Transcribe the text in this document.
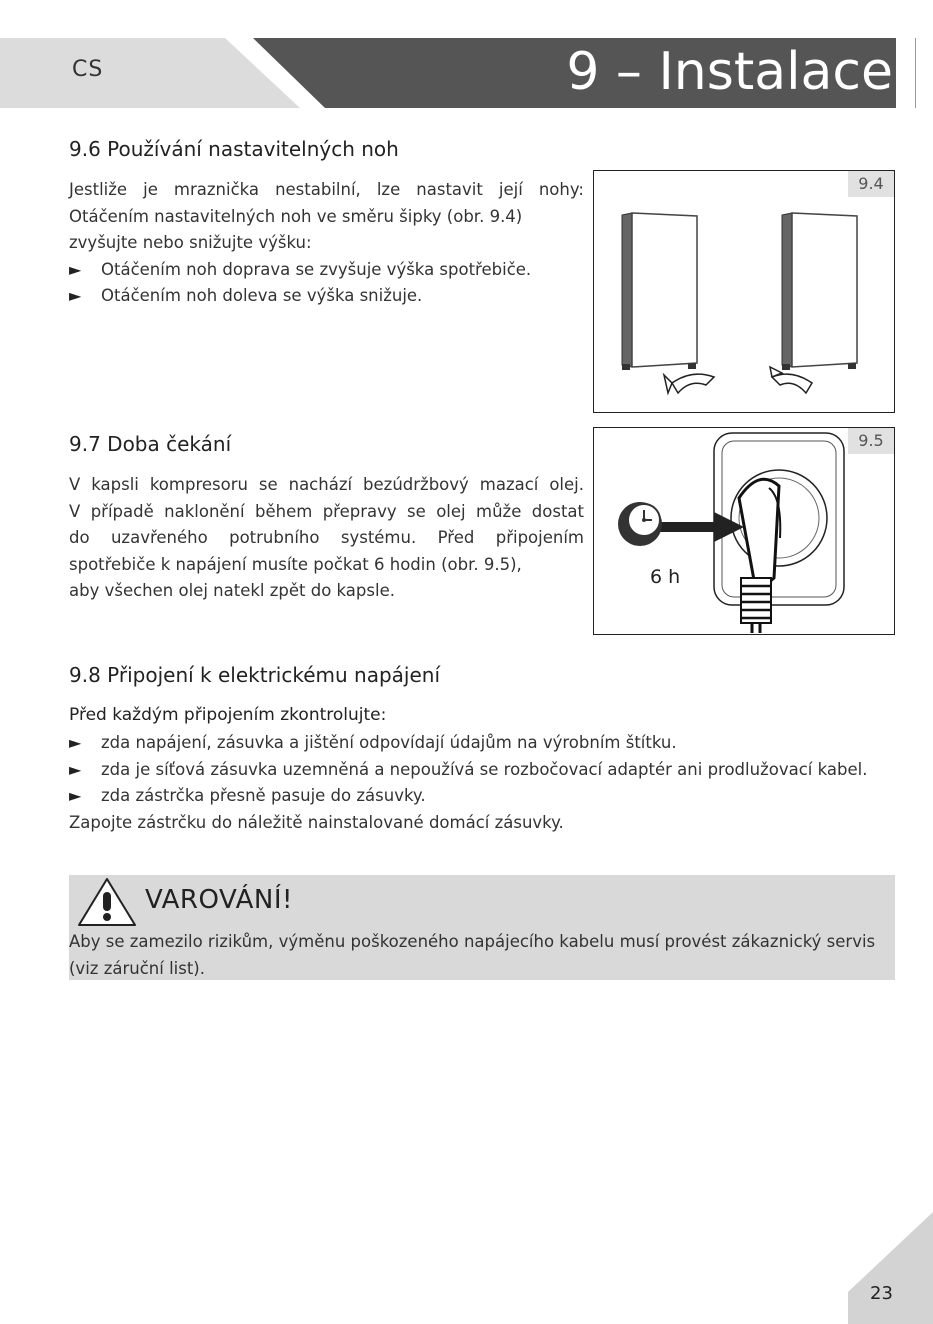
CS	9 – Instalace
9.6 Používání nastavitelných noh

Jestliže je mraznička nestabilní, lze nastavit její nohy:

Otáčením nastavitelných noh ve směru šipky (obr. 9.4)

zvyšujte nebo snižujte výšku:

► Otáčením noh doprava se zvyšuje výška spotřebiče.

► Otáčením noh doleva se výška snižuje.

9.4
9.7 Doba čekání

V kapsli kompresoru se nachází bezúdržbový mazací olej.

V případě naklonění během přepravy se olej může dostat

do uzavřeného potrubního systému. Před připojením

spotřebiče k napájení musíte počkat 6 hodin (obr. 9.5),

aby všechen olej natekl zpět do kapsle.

9.5
6 h
9.8 Připojení k elektrickému napájení
Před každým připojením zkontrolujte:

► zda napájení, zásuvka a jištění odpovídají údajům na výrobním štítku.

► zda je síťová zásuvka uzemněná a nepoužívá se rozbočovací adaptér ani prodlužovací kabel.

► zda zástrčka přesně pasuje do zásuvky.

Zapojte zástrčku do náležitě nainstalované domácí zásuvky.

VAROVÁNÍ!
Aby se zamezilo rizikům, výměnu poškozeného napájecího kabelu musí provést zákaznický servis (viz záruční list).
23
